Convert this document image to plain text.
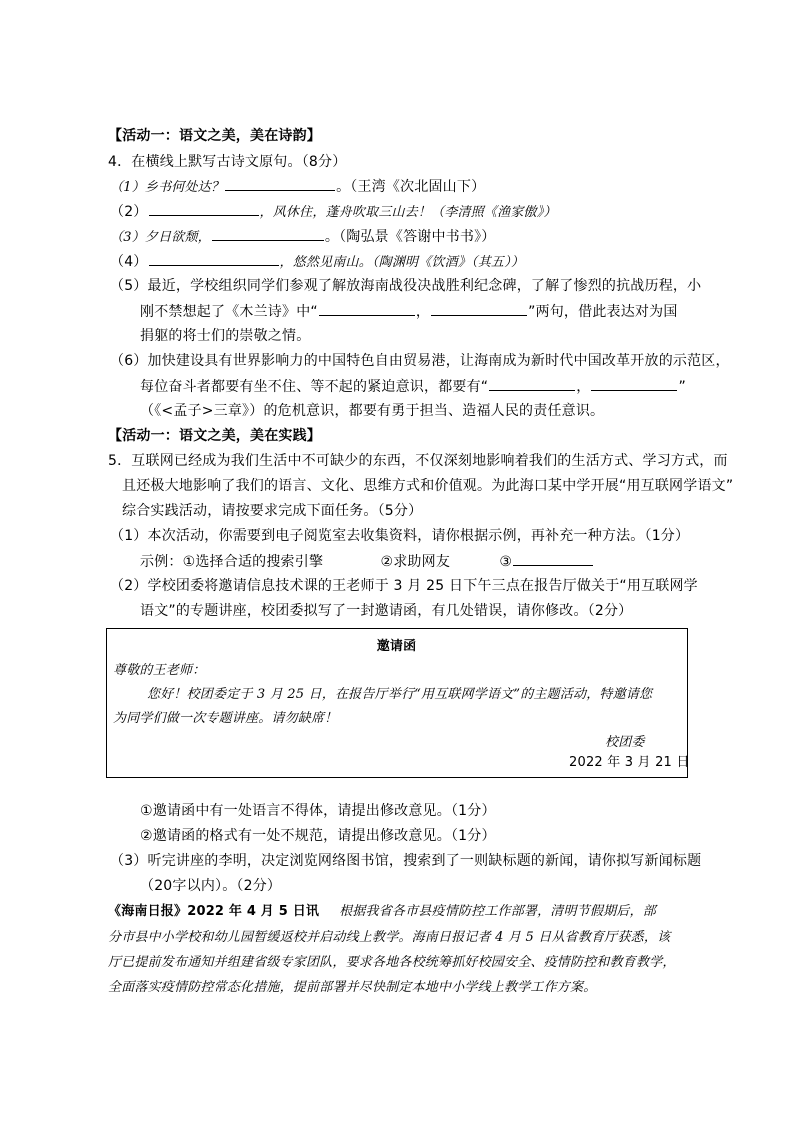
【活动一：语文之美，美在诗韵】
4．在横线上默写古诗文原句。（8分）
（1）乡书何处达？	。（王湾《次北固山下）
（2）	，风休住，蓬舟吹取三山去！（李清照《渔家傲》）
（3）夕日欲颓，	。（陶弘景《答谢中书书》）
（4）	，悠然见南山。（陶渊明《饮酒》（其五））
（5）最近，学校组织同学们参观了解放海南战役决战胜利纪念碑，了解了惨烈的抗战历程，小
刚不禁想起了《木兰诗》中“	，	”两句，借此表达对为国
捐躯的将士们的崇敬之情。
（6）加快建设具有世界影响力的中国特色自由贸易港，让海南成为新时代中国改革开放的示范区，
每位奋斗者都要有坐不住、等不起的紧迫意识，都要有“	，	”
（《<孟子>三章》）的危机意识，都要有勇于担当、造福人民的责任意识。
【活动一：语文之美，美在实践】
5．互联网已经成为我们生活中不可缺少的东西，不仅深刻地影响着我们的生活方式、学习方式，而
且还极大地影响了我们的语言、文化、思维方式和价值观。为此海口某中学开展“用互联网学语文”
综合实践活动，请按要求完成下面任务。（5分）
（1）本次活动，你需要到电子阅览室去收集资料，请你根据示例，再补充一种方法。（1分）
示例：①选择合适的搜索引擎	②求助网友	③
（2）学校团委将邀请信息技术课的王老师于 3 月 25 日下午三点在报告厅做关于“用互联网学
语文”的专题讲座，校团委拟写了一封邀请函，有几处错误，请你修改。（2分）
邀请函
尊敬的王老师：
您好！校团委定于 3 月 25 日，在报告厅举行“用互联网学语文”的主题活动，特邀请您
为同学们做一次专题讲座。请勿缺席！
校团委
2022 年 3 月 21 日
①邀请函中有一处语言不得体，请提出修改意见。（1分）
②邀请函的格式有一处不规范，请提出修改意见。（1分）
（3）听完讲座的李明，决定浏览网络图书馆，搜索到了一则缺标题的新闻，请你拟写新闻标题
（20字以内）。（2分）
《海南日报》2022 年 4 月 5 日讯 根据我省各市县疫情防控工作部署，清明节假期后，部
分市县中小学校和幼儿园暂缓返校并启动线上教学。海南日报记者 4 月 5 日从省教育厅获悉，该
厅已提前发布通知并组建省级专家团队，要求各地各校统筹抓好校园安全、疫情防控和教育教学，
全面落实疫情防控常态化措施，提前部署并尽快制定本地中小学线上教学工作方案。
